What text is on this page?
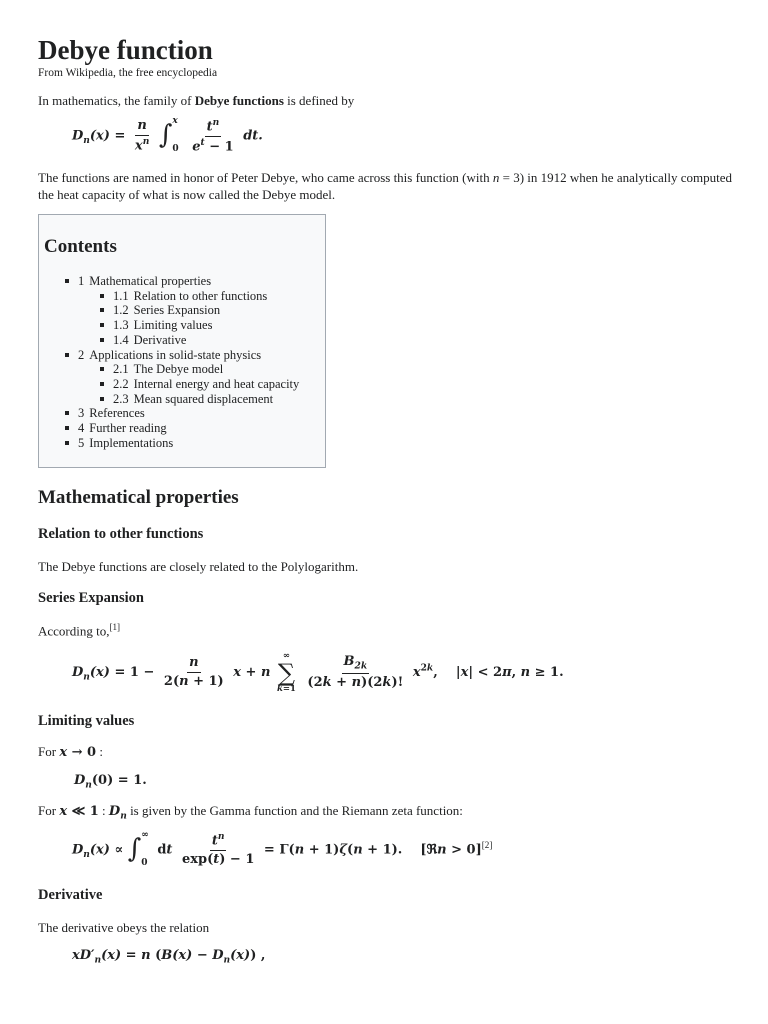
Debye function
From Wikipedia, the free encyclopedia

In mathematics, the family of Debye functions is defined by

$D_n(x) = \frac{n}{x^n}$ ∫ x
0
$\frac{t^n}{e^t - 1}$ dt.

The functions are named in honor of Peter Debye, who came across this function (with n = 3) in 1912 when he analytically computed the heat capacity of what is now called the Debye model.

Contents
1 Mathematical properties
1.1 Relation to other functions
1.2 Series Expansion
1.3 Limiting values
1.4 Derivative
2 Applications in solid-state physics
2.1 The Debye model
2.2 Internal energy and heat capacity
2.3 Mean squared displacement
3 References
4 Further reading
5 Implementations
Mathematical properties
Relation to other functions

The Debye functions are closely related to the Polylogarithm.

Series Expansion

According to,[1]

$D_n(x) = 1 - \frac{n}{2(n + 1)}$ x + n
∞
∑
k=1
$\frac{B_{2k}}{(2k + n)(2k)!} x^{2k}$,    |x| < 2π, n ≥ 1.
Limiting values

For x → 0 :

$D_n(0) = 1$.

For x ≪ 1 : $D_n$ is given by the Gamma function and the Riemann zeta function:

$D_n(x)$ ∝ ∫ ∞
0
dt $\frac{t^n}{\exp(t) - 1} = \Gamma(n + 1)\zeta(n + 1)$. [ℜn > 0][2]
Derivative

The derivative obeys the relation

$xD'_n(x) = n$ $(B(x) - D_n(x))$ ,
